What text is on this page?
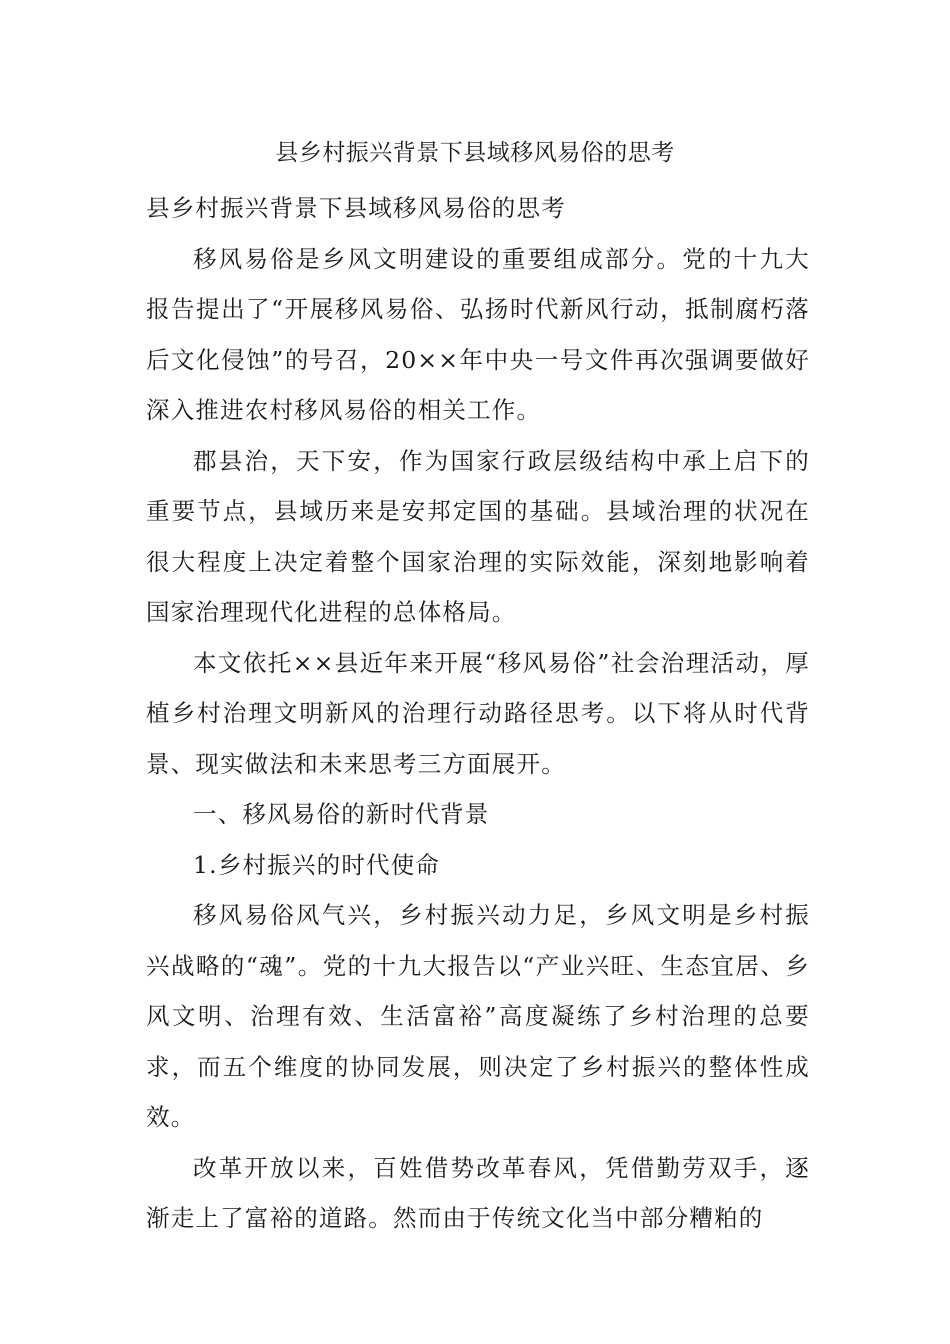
县乡村振兴背景下县域移风易俗的思考

县乡村振兴背景下县域移风易俗的思考

移风易俗是乡风文明建设的重要组成部分。党的十九大报告提出了“开展移风易俗、弘扬时代新风行动，抵制腐朽落后文化侵蚀”的号召，20××年中央一号文件再次强调要做好深入推进农村移风易俗的相关工作。

郡县治，天下安，作为国家行政层级结构中承上启下的重要节点，县域历来是安邦定国的基础。县域治理的状况在很大程度上决定着整个国家治理的实际效能，深刻地影响着国家治理现代化进程的总体格局。

本文依托××县近年来开展“移风易俗”社会治理活动，厚植乡村治理文明新风的治理行动路径思考。以下将从时代背景、现实做法和未来思考三方面展开。

一、移风易俗的新时代背景

1.乡村振兴的时代使命

移风易俗风气兴，乡村振兴动力足，乡风文明是乡村振兴战略的“魂”。党的十九大报告以“产业兴旺、生态宜居、乡风文明、治理有效、生活富裕”高度凝练了乡村治理的总要求，而五个维度的协同发展，则决定了乡村振兴的整体性成效。

改革开放以来，百姓借势改革春风，凭借勤劳双手，逐渐走上了富裕的道路。然而由于传统文化当中部分糟粕的
